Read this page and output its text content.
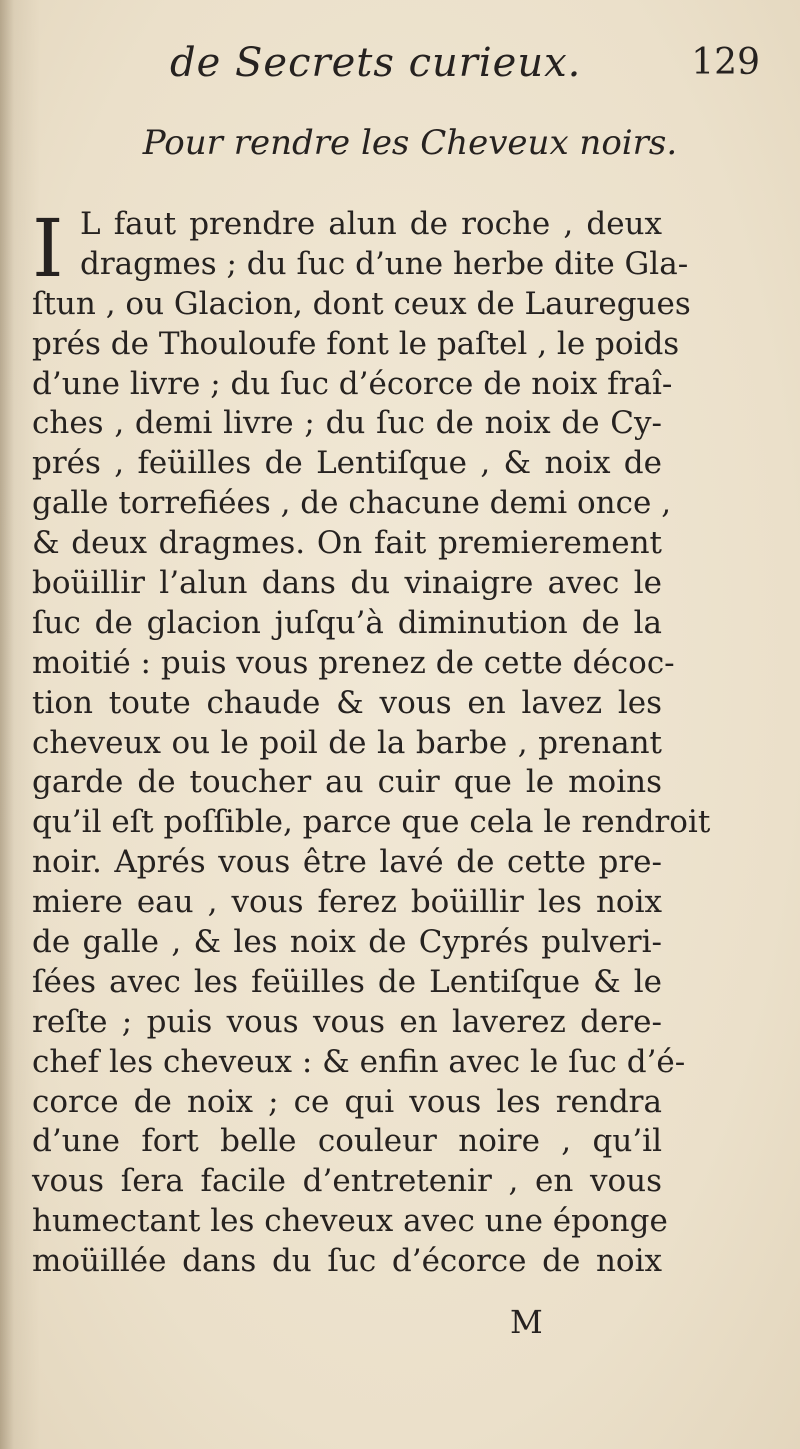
de Secrets curieux.	129
Pour rendre les Cheveux noirs.
I L faut prendre alun de roche , deux
dragmes ; du ſuc d’une herbe dite Gla-
ſtun , ou Glacion, dont ceux de Lauregues
prés de Thouloufe font le paſtel , le poids
d’une livre ; du ſuc d’écorce de noix fraî-
ches , demi livre ; du ſuc de noix de Cy-
prés , feüilles de Lentiſque , & noix de
galle torrefiées , de chacune demi once ,
& deux dragmes. On fait premierement
boüillir l’alun dans du vinaigre avec le
ſuc de glacion juſqu’à diminution de la
moitié : puis vous prenez de cette décoc-
tion toute chaude & vous en lavez les
cheveux ou le poil de la barbe , prenant
garde de toucher au cuir que le moins
qu’il eſt poſſible, parce que cela le rendroit
noir. Aprés vous être lavé de cette pre-
miere eau , vous ferez boüillir les noix
de galle , & les noix de Cyprés pulveri-
ſées avec les feüilles de Lentiſque & le
reſte ; puis vous vous en laverez dere-
chef les cheveux : & enfin avec le ſuc d’é-
corce de noix ; ce qui vous les rendra
d’une fort belle couleur noire , qu’il
vous ſera facile d’entretenir , en vous
humectant les cheveux avec une éponge
moüillée dans du ſuc d’écorce de noix
M
